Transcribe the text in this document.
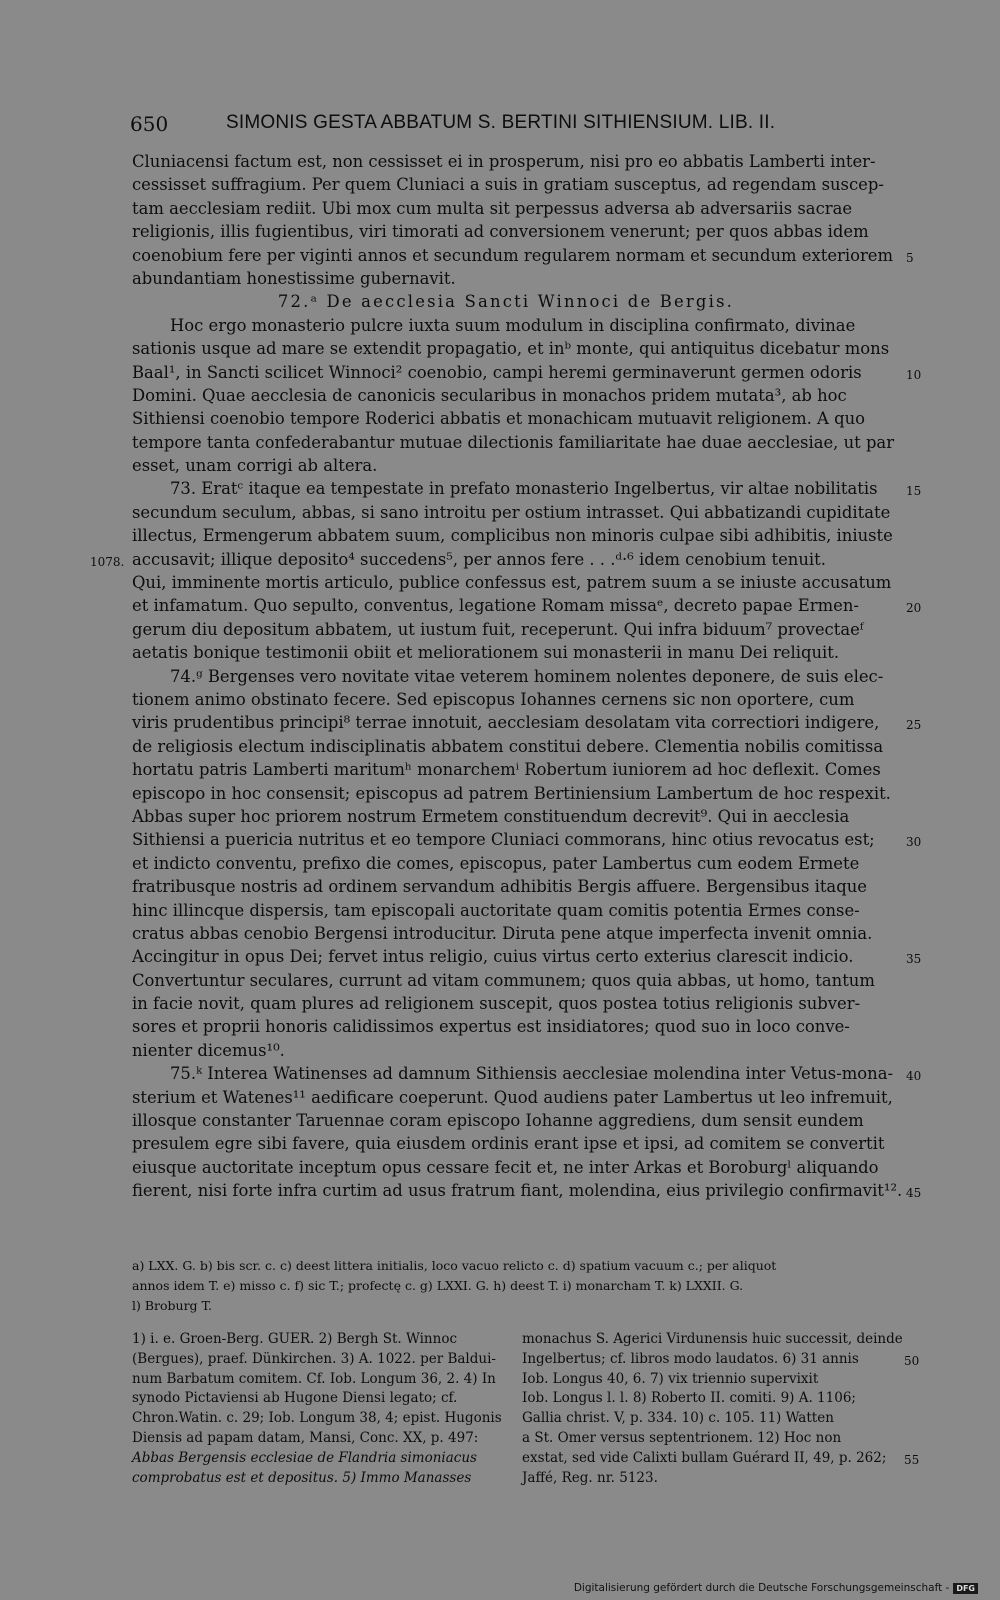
650	SIMONIS GESTA ABBATUM S. BERTINI SITHIENSIUM. LIB. II.
Cluniacensi factum est, non cessisset ei in prosperum, nisi pro eo abbatis Lamberti inter-
cessisset suffragium. Per quem Cluniaci a suis in gratiam susceptus, ad regendam suscep-
tam aecclesiam rediit. Ubi mox cum multa sit perpessus adversa ab adversariis sacrae
religionis, illis fugientibus, viri timorati ad conversionem venerunt; per quos abbas idem
coenobium fere per viginti annos et secundum regularem normam et secundum exteriorem 5
abundantiam honestissime gubernavit.
72.ᵃ De aecclesia Sancti Winnoci de Bergis.
Hoc ergo monasterio pulcre iuxta suum modulum in disciplina confirmato, divinae
sationis usque ad mare se extendit propagatio, et inᵇ monte, qui antiquitus dicebatur mons
Baal¹, in Sancti scilicet Winnoci² coenobio, campi heremi germinaverunt germen odoris	10
Domini. Quae aecclesia de canonicis secularibus in monachos pridem mutata³, ab hoc
Sithiensi coenobio tempore Roderici abbatis et monachicam mutuavit religionem. A quo
tempore tanta confederabantur mutuae dilectionis familiaritate hae duae aecclesiae, ut par
esset, unam corrigi ab altera.
73. Eratᶜ itaque ea tempestate in prefato monasterio Ingelbertus, vir altae nobilitatis 15
secundum seculum, abbas, si sano introitu per ostium intrasset. Qui abbatizandi cupiditate
illectus, Ermengerum abbatem suum, complicibus non minoris culpae sibi adhibitis, iniuste
accusavit; illique deposito⁴ succedens⁵, per annos fere . . .ᵈ·⁶ idem cenobium tenuit.
1078.
Qui, imminente mortis articulo, publice confessus est, patrem suum a se iniuste accusatum
et infamatum. Quo sepulto, conventus, legatione Romam missaᵉ, decreto papae Ermen-	20
gerum diu depositum abbatem, ut iustum fuit, receperunt. Qui infra biduum⁷ provectaeᶠ
aetatis bonique testimonii obiit et meliorationem sui monasterii in manu Dei reliquit.
74.ᵍ Bergenses vero novitate vitae veterem hominem nolentes deponere, de suis elec-
tionem animo obstinato fecere. Sed episcopus Iohannes cernens sic non oportere, cum
viris prudentibus principi⁸ terrae innotuit, aecclesiam desolatam vita correctiori indigere, 25
de religiosis electum indisciplinatis abbatem constitui debere. Clementia nobilis comitissa
hortatu patris Lamberti maritumʰ monarchemⁱ Robertum iuniorem ad hoc deflexit. Comes
episcopo in hoc consensit; episcopus ad patrem Bertiniensium Lambertum de hoc respexit.
Abbas super hoc priorem nostrum Ermetem constituendum decrevit⁹. Qui in aecclesia
Sithiensi a puericia nutritus et eo tempore Cluniaci commorans, hinc otius revocatus est;	30
et indicto conventu, prefixo die comes, episcopus, pater Lambertus cum eodem Ermete
fratribusque nostris ad ordinem servandum adhibitis Bergis affuere. Bergensibus itaque
hinc illincque dispersis, tam episcopali auctoritate quam comitis potentia Ermes conse-
cratus abbas cenobio Bergensi introducitur. Diruta pene atque imperfecta invenit omnia.
Accingitur in opus Dei; fervet intus religio, cuius virtus certo exterius clarescit indicio.	35
Convertuntur seculares, currunt ad vitam communem; quos quia abbas, ut homo, tantum
in facie novit, quam plures ad religionem suscepit, quos postea totius religionis subver-
sores et proprii honoris calidissimos expertus est insidiatores; quod suo in loco conve-
nienter dicemus¹⁰.
75.ᵏ Interea Watinenses ad damnum Sithiensis aecclesiae molendina inter Vetus-mona- 40
sterium et Watenes¹¹ aedificare coeperunt. Quod audiens pater Lambertus ut leo infremuit,
illosque constanter Taruennae coram episcopo Iohanne aggrediens, dum sensit eundem
presulem egre sibi favere, quia eiusdem ordinis erant ipse et ipsi, ad comitem se convertit
eiusque auctoritate inceptum opus cessare fecit et, ne inter Arkas et Boroburgˡ aliquando
fierent, nisi forte infra curtim ad usus fratrum fiant, molendina, eius privilegio confirmavit¹². 45
a) LXX. G. b) bis scr. c. c) deest littera initialis, loco vacuo relicto c. d) spatium vacuum c.; per aliquot
annos idem T. e) misso c. f) sic T.; profectę c. g) LXXI. G. h) deest T. i) monarcham T. k) LXXII. G.
l) Broburg T.
1) i. e. Groen-Berg. GUER. 2) Bergh St. Winnoc
(Bergues), praef. Dünkirchen. 3) A. 1022. per Baldui-
num Barbatum comitem. Cf. Iob. Longum 36, 2. 4) In
synodo Pictaviensi ab Hugone Diensi legato; cf.
Chron.Watin. c. 29; Iob. Longum 38, 4; epist. Hugonis
Diensis ad papam datam, Mansi, Conc. XX, p. 497:
Abbas Bergensis ecclesiae de Flandria simoniacus
comprobatus est et depositus. 5) Immo Manasses
monachus S. Agerici Virdunensis huic successit, deinde
Ingelbertus; cf. libros modo laudatos. 6) 31 annis	50
Iob. Longus 40, 6. 7) vix triennio supervixit
Iob. Longus l. l. 8) Roberto II. comiti. 9) A. 1106;
Gallia christ. V, p. 334. 10) c. 105. 11) Watten
a St. Omer versus septentrionem. 12) Hoc non
exstat, sed vide Calixti bullam Guérard II, 49, p. 262; 55
Jaffé, Reg. nr. 5123.
Digitalisierung gefördert durch die Deutsche Forschungsgemeinschaft - DFG
